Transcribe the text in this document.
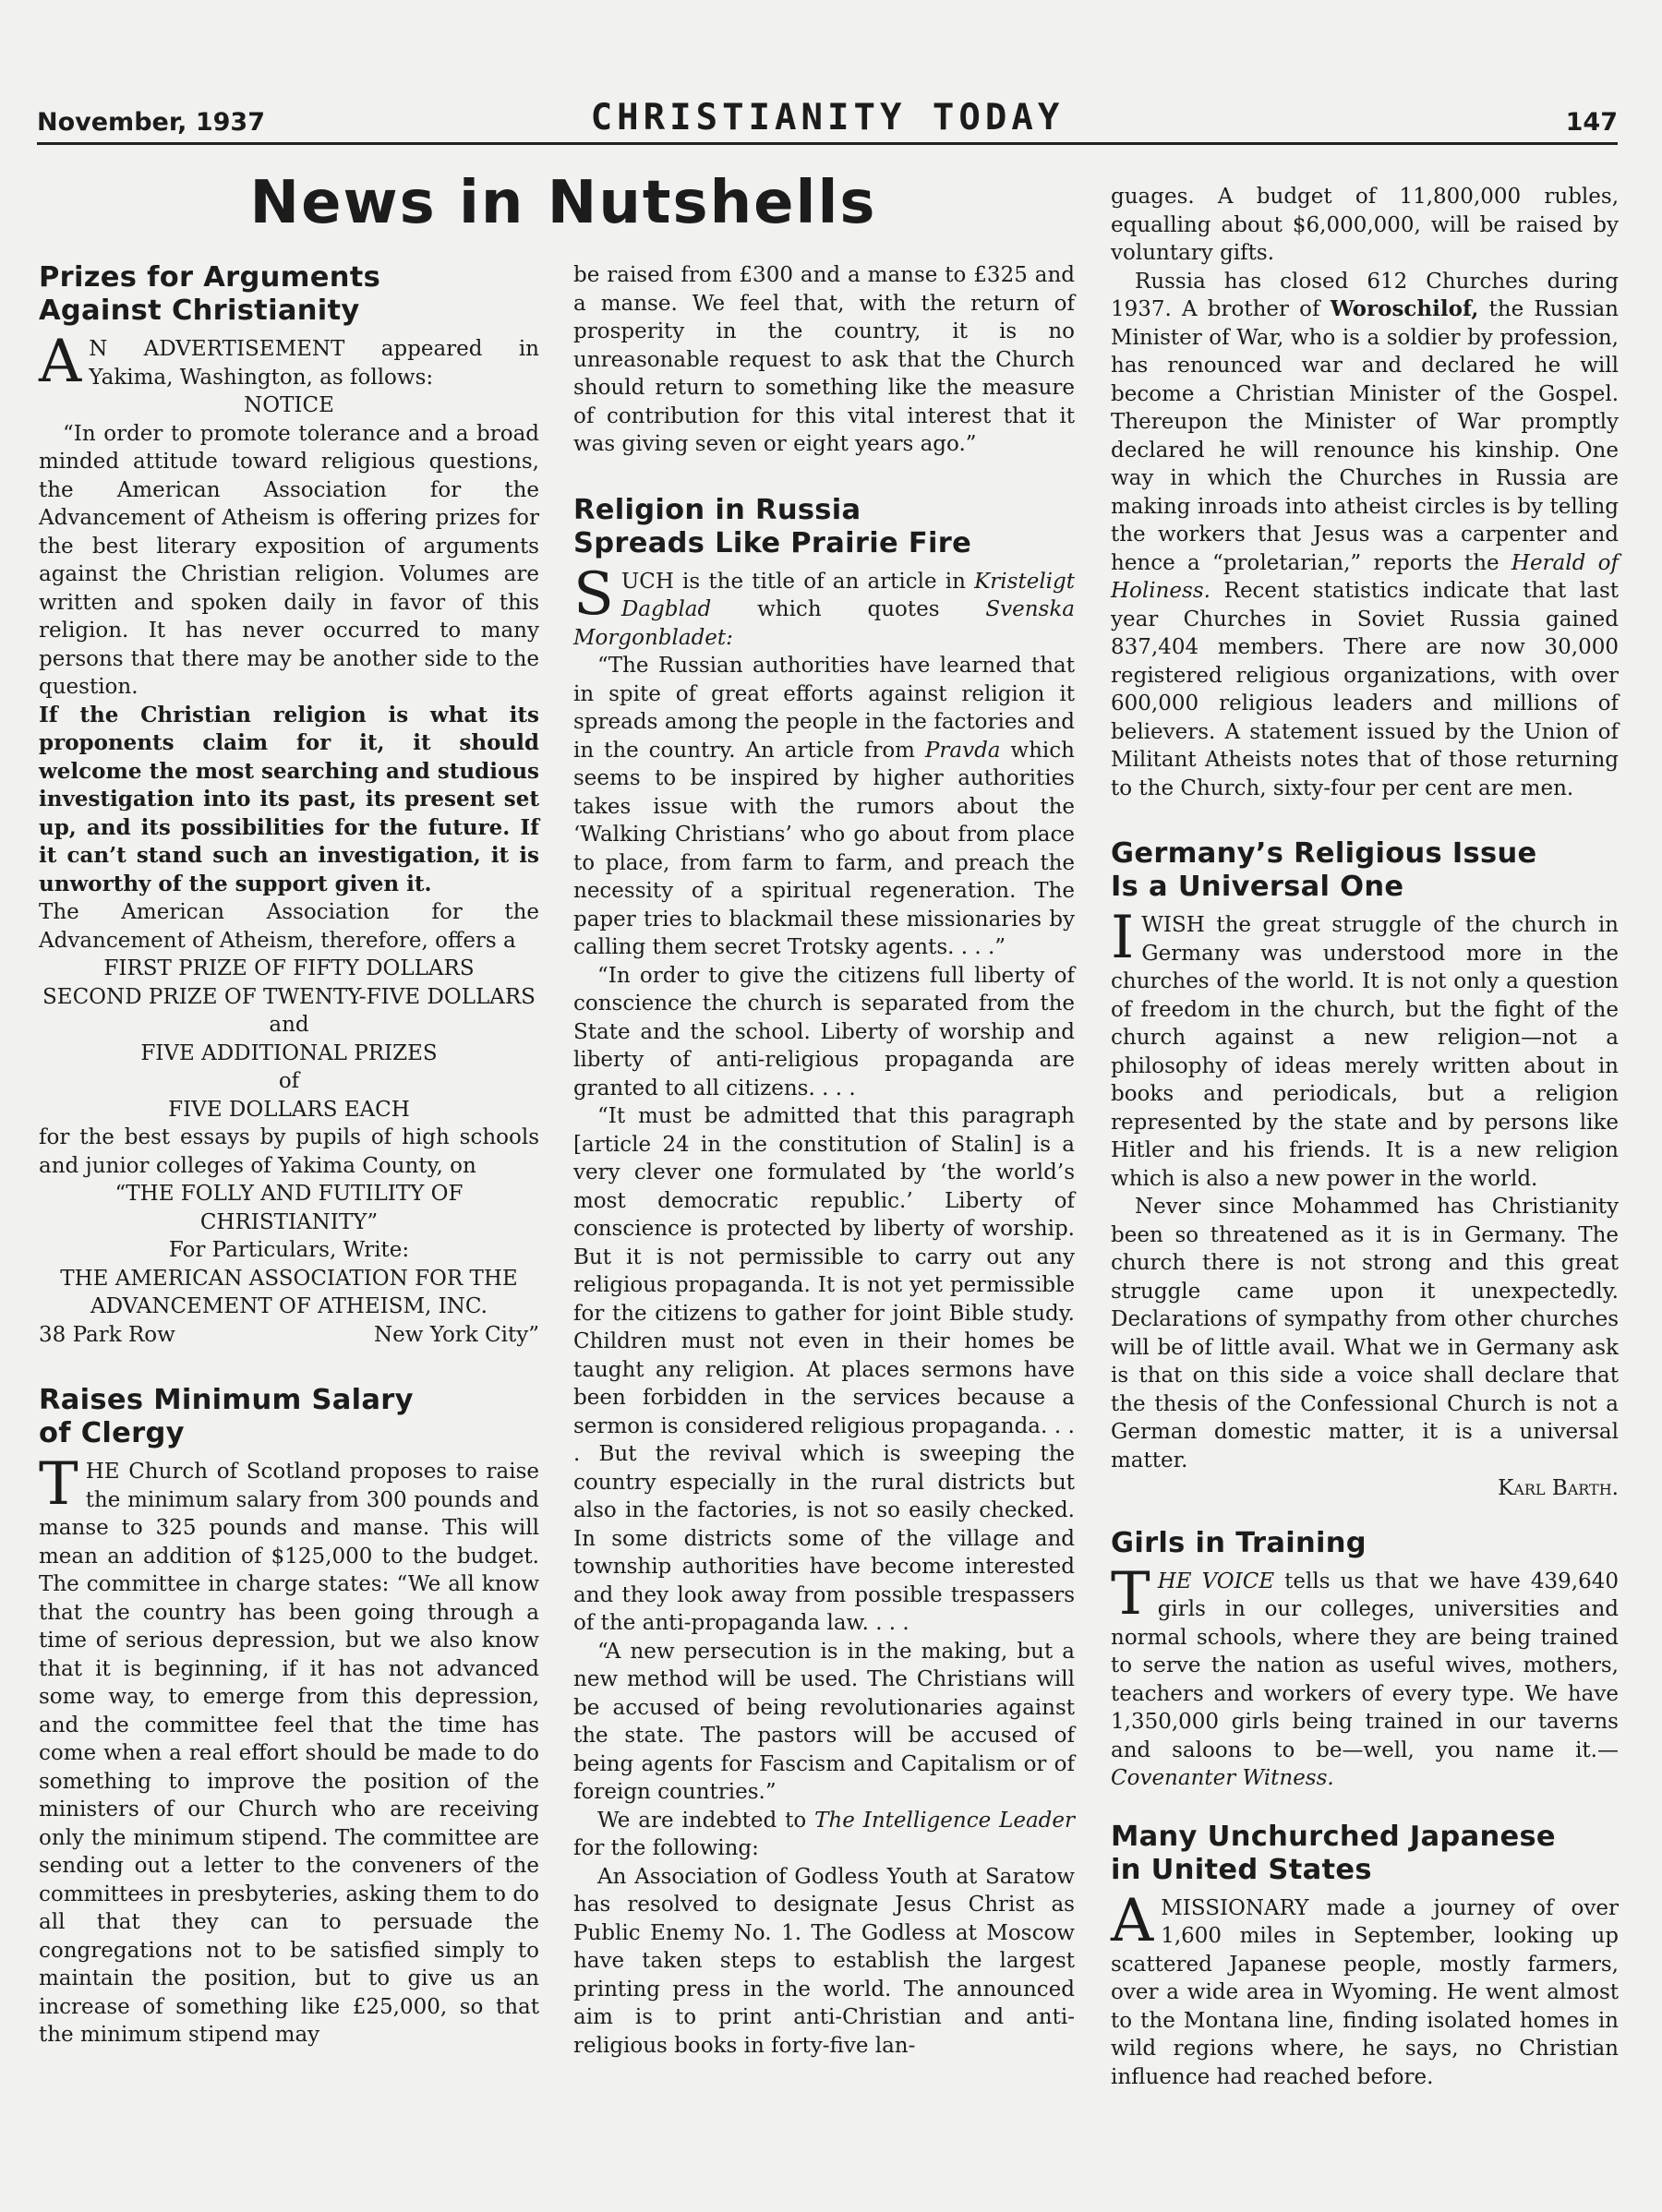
November, 1937	CHRISTIANITY TODAY	147
News in Nutshells
Prizes for Arguments
Against Christianity

A N ADVERTISEMENT appeared in Yakima, Washington, as follows:

NOTICE

“In order to promote tolerance and a broad minded attitude toward religious questions, the American Association for the Advancement of Atheism is offering prizes for the best literary exposition of arguments against the Christian religion. Volumes are written and spoken daily in favor of this religion. It has never occurred to many persons that there may be another side to the question.

If the Christian religion is what its proponents claim for it, it should welcome the most searching and studious investigation into its past, its present set up, and its possibilities for the future. If it can’t stand such an investigation, it is unworthy of the support given it.

The American Association for the Advancement of Atheism, therefore, offers a

FIRST PRIZE OF FIFTY DOLLARS
SECOND PRIZE OF TWENTY-FIVE DOLLARS
and
FIVE ADDITIONAL PRIZES
of
FIVE DOLLARS EACH

for the best essays by pupils of high schools and junior colleges of Yakima County, on

“THE FOLLY AND FUTILITY OF CHRISTIANITY”
For Particulars, Write:
THE AMERICAN ASSOCIATION FOR THE ADVANCEMENT OF ATHEISM, INC.
38 Park Row	New York City”
Raises Minimum Salary
of Clergy

THE Church of Scotland proposes to raise the minimum salary from 300 pounds and manse to 325 pounds and manse. This will mean an addition of $125,000 to the budget. The committee in charge states: “We all know that the country has been going through a time of serious depression, but we also know that it is beginning, if it has not advanced some way, to emerge from this depression, and the committee feel that the time has come when a real effort should be made to do something to improve the position of the ministers of our Church who are receiving only the minimum stipend. The committee are sending out a letter to the conveners of the committees in presbyteries, asking them to do all that they can to persuade the congregations not to be satisfied simply to maintain the position, but to give us an increase of something like £25,000, so that the minimum stipend may

be raised from £300 and a manse to £325 and a manse. We feel that, with the return of prosperity in the country, it is no unreasonable request to ask that the Church should return to something like the measure of contribution for this vital interest that it was giving seven or eight years ago.”

Religion in Russia
Spreads Like Prairie Fire

SUCH is the title of an article in Kristeligt Dagblad which quotes Svenska Morgonbladet:

“The Russian authorities have learned that in spite of great efforts against religion it spreads among the people in the factories and in the country. An article from Pravda which seems to be inspired by higher authorities takes issue with the rumors about the ‘Walking Christians’ who go about from place to place, from farm to farm, and preach the necessity of a spiritual regeneration. The paper tries to blackmail these missionaries by calling them secret Trotsky agents. . . .”

“In order to give the citizens full liberty of conscience the church is separated from the State and the school. Liberty of worship and liberty of anti-religious propaganda are granted to all citizens. . . .

“It must be admitted that this paragraph [article 24 in the constitution of Stalin] is a very clever one formulated by ‘the world’s most democratic republic.’ Liberty of conscience is protected by liberty of worship. But it is not permissible to carry out any religious propaganda. It is not yet permissible for the citizens to gather for joint Bible study. Children must not even in their homes be taught any religion. At places sermons have been forbidden in the services because a sermon is considered religious propaganda. . . . But the revival which is sweeping the country especially in the rural districts but also in the factories, is not so easily checked. In some districts some of the village and township authorities have become interested and they look away from possible trespassers of the anti-propaganda law. . . .

“A new persecution is in the making, but a new method will be used. The Christians will be accused of being revolutionaries against the state. The pastors will be accused of being agents for Fascism and Capitalism or of foreign countries.”

We are indebted to The Intelligence Leader for the following:

An Association of Godless Youth at Saratow has resolved to designate Jesus Christ as Public Enemy No. 1. The Godless at Moscow have taken steps to establish the largest printing press in the world. The announced aim is to print anti-Christian and anti-religious books in forty-five lan-

guages. A budget of 11,800,000 rubles, equalling about $6,000,000, will be raised by voluntary gifts.

Russia has closed 612 Churches during 1937. A brother of Woroschilof, the Russian Minister of War, who is a soldier by profession, has renounced war and declared he will become a Christian Minister of the Gospel. Thereupon the Minister of War promptly declared he will renounce his kinship. One way in which the Churches in Russia are making inroads into atheist circles is by telling the workers that Jesus was a carpenter and hence a “proletarian,” reports the Herald of Holiness. Recent statistics indicate that last year Churches in Soviet Russia gained 837,404 members. There are now 30,000 registered religious organizations, with over 600,000 religious leaders and millions of believers. A statement issued by the Union of Militant Atheists notes that of those returning to the Church, sixty-four per cent are men.

Germany’s Religious Issue
Is a Universal One

IWISH the great struggle of the church in Germany was understood more in the churches of the world. It is not only a question of freedom in the church, but the fight of the church against a new religion—not a philosophy of ideas merely written about in books and periodicals, but a religion represented by the state and by persons like Hitler and his friends. It is a new religion which is also a new power in the world.

Never since Mohammed has Christianity been so threatened as it is in Germany. The church there is not strong and this great struggle came upon it unexpectedly. Declarations of sympathy from other churches will be of little avail. What we in Germany ask is that on this side a voice shall declare that the thesis of the Confessional Church is not a German domestic matter, it is a universal matter.

Karl Barth.
Girls in Training

THE VOICE tells us that we have 439,640 girls in our colleges, universities and normal schools, where they are being trained to serve the nation as useful wives, mothers, teachers and workers of every type. We have 1,350,000 girls being trained in our taverns and saloons to be—well, you name it.—Covenanter Witness.

Many Unchurched Japanese
in United States

AMISSIONARY made a journey of over 1,600 miles in September, looking up scattered Japanese people, mostly farmers, over a wide area in Wyoming. He went almost to the Montana line, finding isolated homes in wild regions where, he says, no Christian influence had reached before.
